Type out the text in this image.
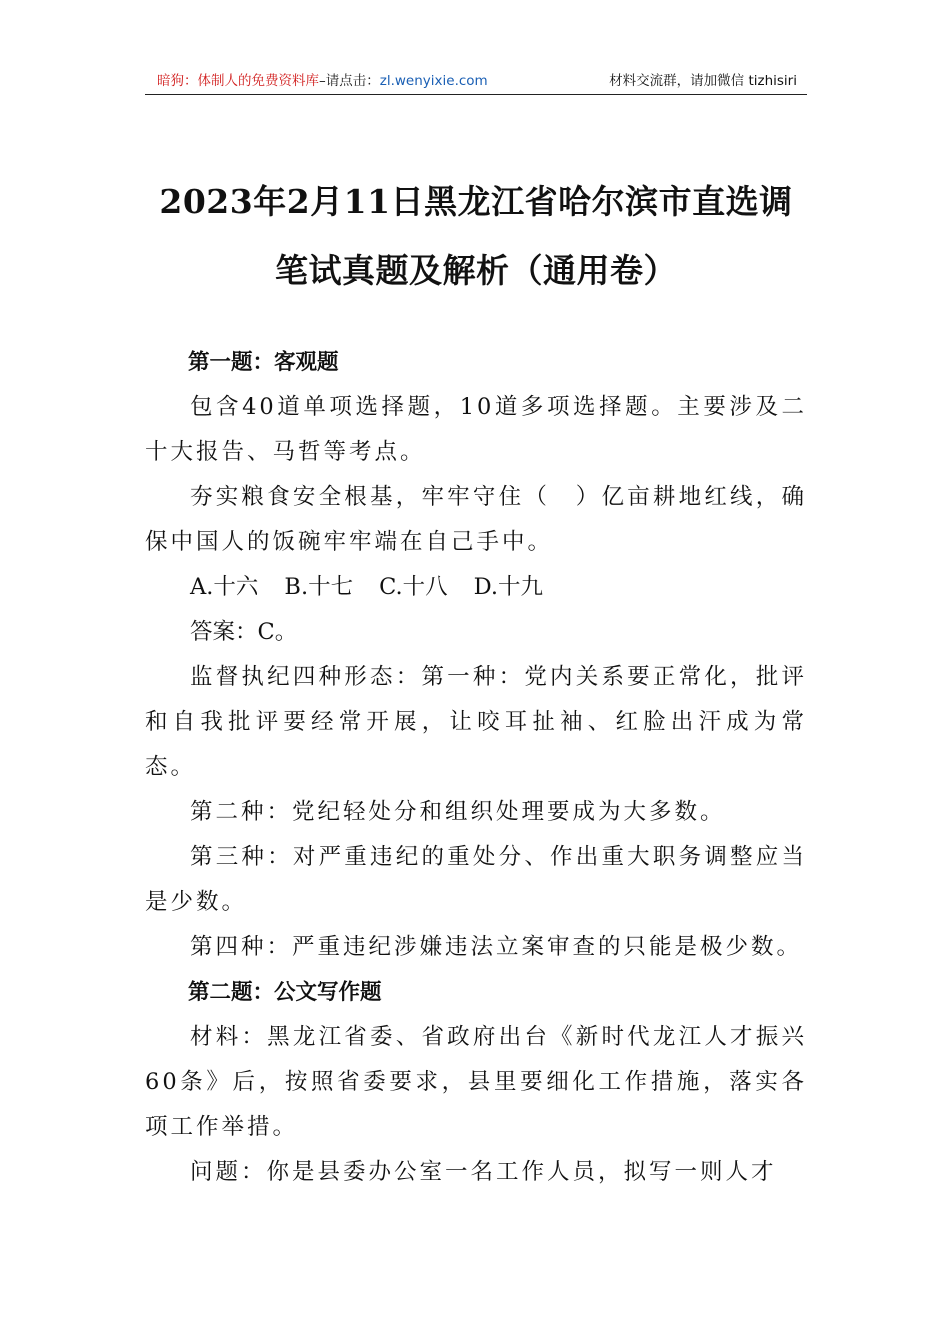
暗狗：体制人的免费资料库–请点击：zl.wenyixie.com	材料交流群，请加微信 tizhisiri
2023年2月11日黑龙江省哈尔滨市直选调
笔试真题及解析（通用卷）

第一题：客观题

包含40道单项选择题，10道多项选择题。主要涉及二十大报告、马哲等考点。

夯实粮食安全根基，牢牢守住（　）亿亩耕地红线，确保中国人的饭碗牢牢端在自己手中。

A.十六 B.十七 C.十八 D.十九

答案：C。

监督执纪四种形态：第一种：党内关系要正常化，批评和自我批评要经常开展，让咬耳扯袖、红脸出汗成为常态。

第二种：党纪轻处分和组织处理要成为大多数。

第三种：对严重违纪的重处分、作出重大职务调整应当是少数。

第四种：严重违纪涉嫌违法立案审查的只能是极少数。

第二题：公文写作题

材料：黑龙江省委、省政府出台《新时代龙江人才振兴60条》后，按照省委要求，县里要细化工作措施，落实各项工作举措。

问题：你是县委办公室一名工作人员，拟写一则人才
